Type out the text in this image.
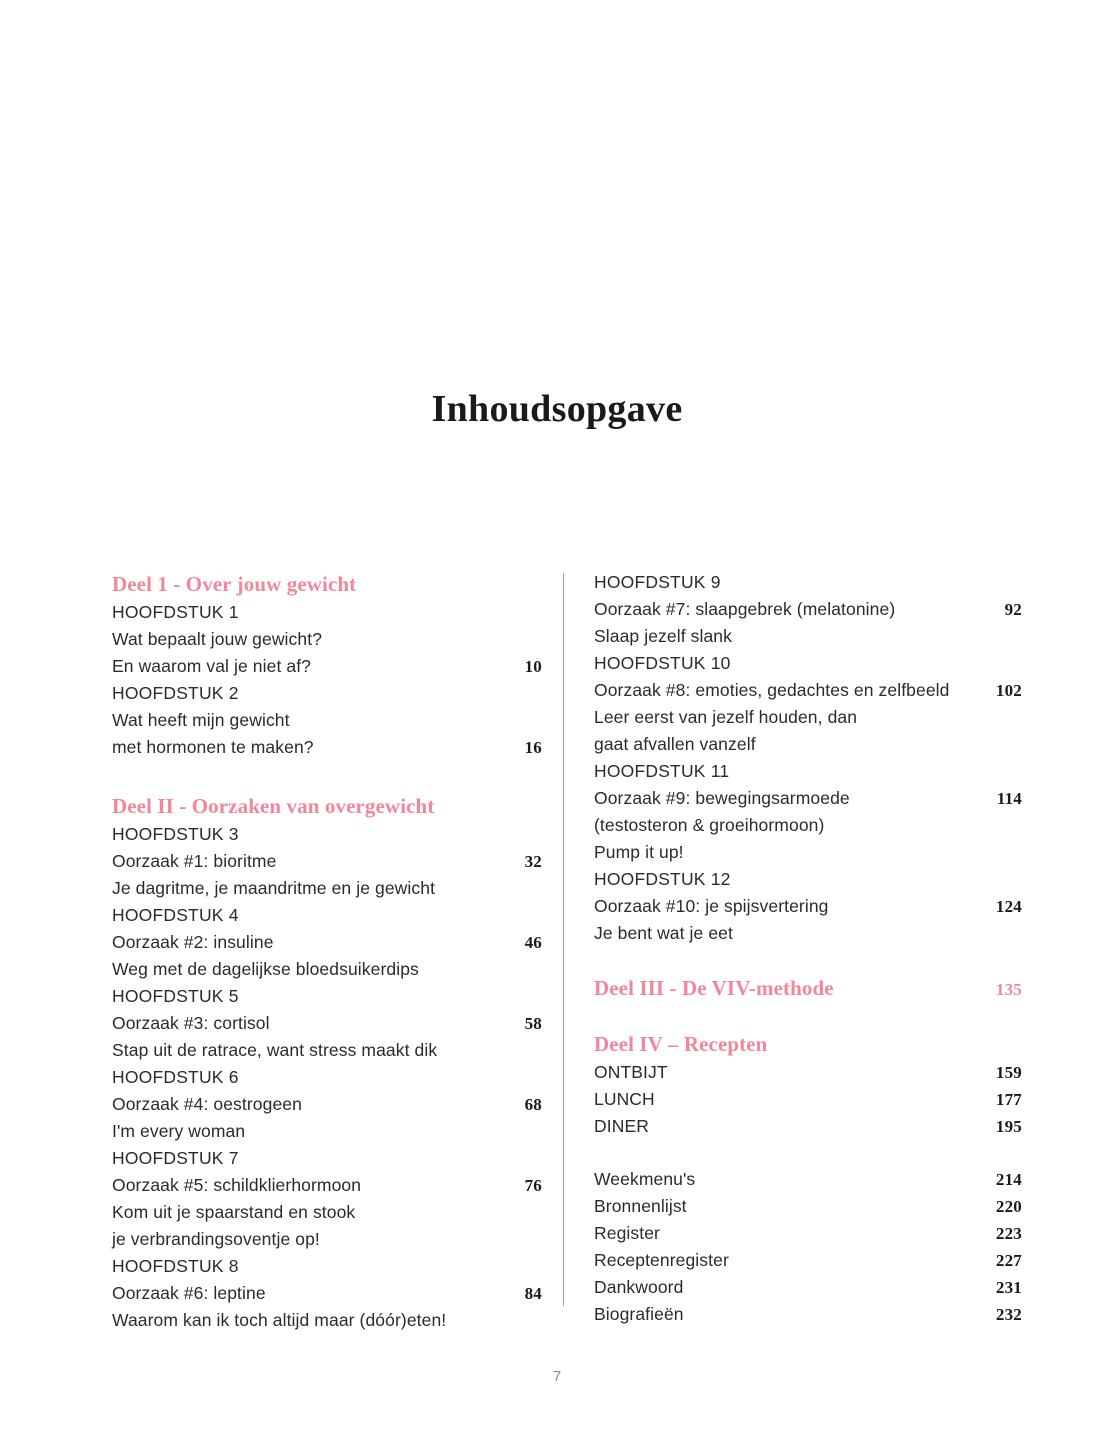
Inhoudsopgave
Deel 1 - Over jouw gewicht
HOOFDSTUK 1
Wat bepaalt jouw gewicht?
En waarom val je niet af?	10
HOOFDSTUK 2
Wat heeft mijn gewicht
met hormonen te maken?	16
Deel II - Oorzaken van overgewicht
HOOFDSTUK 3
Oorzaak #1: bioritme	32
Je dagritme, je maandritme en je gewicht
HOOFDSTUK 4
Oorzaak #2: insuline	46
Weg met de dagelijkse bloedsuikerdips
HOOFDSTUK 5
Oorzaak #3: cortisol	58
Stap uit de ratrace, want stress maakt dik
HOOFDSTUK 6
Oorzaak #4: oestrogeen	68
I'm every woman
HOOFDSTUK 7
Oorzaak #5: schildklierhormoon	76
Kom uit je spaarstand en stook
je verbrandingsoventje op!
HOOFDSTUK 8
Oorzaak #6: leptine	84
Waarom kan ik toch altijd maar (dóór)eten!
HOOFDSTUK 9
Oorzaak #7: slaapgebrek (melatonine)	92
Slaap jezelf slank
HOOFDSTUK 10
Oorzaak #8: emoties, gedachtes en zelfbeeld	102
Leer eerst van jezelf houden, dan
gaat afvallen vanzelf
HOOFDSTUK 11
Oorzaak #9: bewegingsarmoede	114
(testosteron & groeihormoon)
Pump it up!
HOOFDSTUK 12
Oorzaak #10: je spijsvertering	124
Je bent wat je eet
Deel III - De VIV-methode	135
Deel IV – Recepten
ONTBIJT	159
LUNCH	177
DINER	195
Weekmenu's	214
Bronnenlijst	220
Register	223
Receptenregister	227
Dankwoord	231
Biografieën	232
7
